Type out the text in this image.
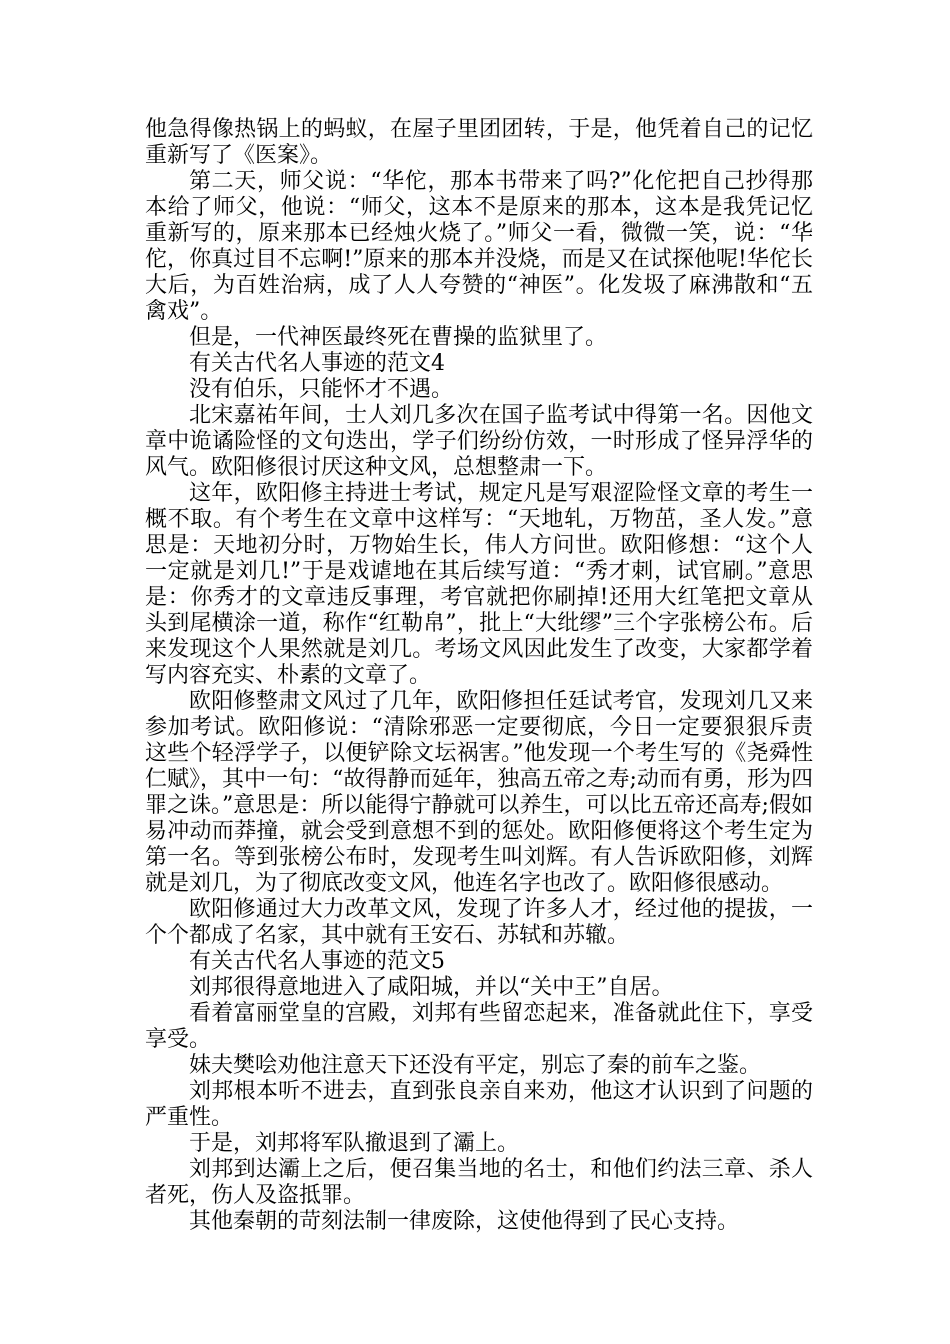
他急得像热锅上的蚂蚁，在屋子里团团转，于是，他凭着自己的记忆重新写了《医案》。

第二天，师父说：“华佗，那本书带来了吗?”化佗把自己抄得那本给了师父，他说：“师父，这本不是原来的那本，这本是我凭记忆重新写的，原来那本已经烛火烧了。”师父一看，微微一笑，说：“华佗，你真过目不忘啊!”原来的那本并没烧，而是又在试探他呢!华佗长大后，为百姓治病，成了人人夸赞的“神医”。化发圾了麻沸散和“五禽戏”。

但是，一代神医最终死在曹操的监狱里了。

有关古代名人事迹的范文4

没有伯乐，只能怀才不遇。

北宋嘉祐年间，士人刘几多次在国子监考试中得第一名。因他文章中诡谲险怪的文句迭出，学子们纷纷仿效，一时形成了怪异浮华的风气。欧阳修很讨厌这种文风，总想整肃一下。

这年，欧阳修主持进士考试，规定凡是写艰涩险怪文章的考生一概不取。有个考生在文章中这样写：“天地轧，万物茁，圣人发。”意思是：天地初分时，万物始生长，伟人方问世。欧阳修想：“这个人一定就是刘几!”于是戏谑地在其后续写道：“秀才刺，试官刷。”意思是：你秀才的文章违反事理，考官就把你刷掉!还用大红笔把文章从头到尾横涂一道，称作“红勒帛”，批上“大纰缪”三个字张榜公布。后来发现这个人果然就是刘几。考场文风因此发生了改变，大家都学着写内容充实、朴素的文章了。

欧阳修整肃文风过了几年，欧阳修担任廷试考官，发现刘几又来参加考试。欧阳修说：“清除邪恶一定要彻底，今日一定要狠狠斥责这些个轻浮学子，以便铲除文坛祸害。”他发现一个考生写的《尧舜性仁赋》，其中一句：“故得静而延年，独高五帝之寿;动而有勇，形为四罪之诛。”意思是：所以能得宁静就可以养生，可以比五帝还高寿;假如易冲动而莽撞，就会受到意想不到的惩处。欧阳修便将这个考生定为第一名。等到张榜公布时，发现考生叫刘辉。有人告诉欧阳修，刘辉就是刘几，为了彻底改变文风，他连名字也改了。欧阳修很感动。

欧阳修通过大力改革文风，发现了许多人才，经过他的提拔，一个个都成了名家，其中就有王安石、苏轼和苏辙。

有关古代名人事迹的范文5

刘邦很得意地进入了咸阳城，并以“关中王”自居。

看着富丽堂皇的宫殿，刘邦有些留恋起来，准备就此住下，享受享受。

妹夫樊哙劝他注意天下还没有平定，别忘了秦的前车之鉴。

刘邦根本听不进去，直到张良亲自来劝，他这才认识到了问题的严重性。

于是，刘邦将军队撤退到了灞上。

刘邦到达灞上之后，便召集当地的名士，和他们约法三章、杀人者死，伤人及盗抵罪。

其他秦朝的苛刻法制一律废除，这使他得到了民心支持。
